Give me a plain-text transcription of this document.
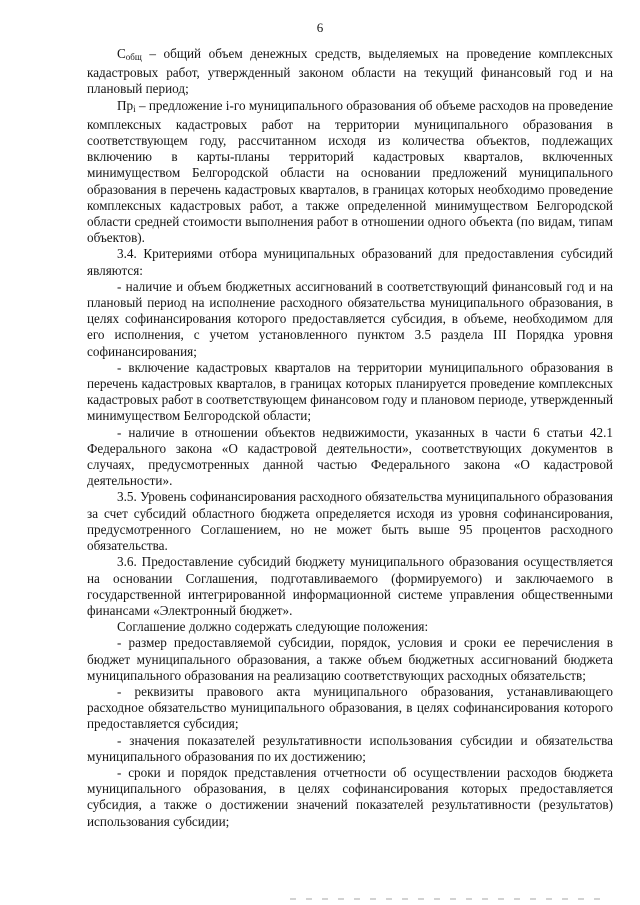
6

$C_{общ}$ – общий объем денежных средств, выделяемых на проведение комплексных кадастровых работ, утвержденный законом области на текущий финансовый год и на плановый период;

$Пр_i$ – предложение i-го муниципального образования об объеме расходов на проведение комплексных кадастровых работ на территории муниципального образования в соответствующем году, рассчитанном исходя из количества объектов, подлежащих включению в карты-планы территорий кадастровых кварталов, включенных минимуществом Белгородской области на основании предложений муниципального образования в перечень кадастровых кварталов, в границах которых необходимо проведение комплексных кадастровых работ, а также определенной минимуществом Белгородской области средней стоимости выполнения работ в отношении одного объекта (по видам, типам объектов).

3.4. Критериями отбора муниципальных образований для предоставления субсидий являются:

- наличие и объем бюджетных ассигнований в соответствующий финансовый год и на плановый период на исполнение расходного обязательства муниципального образования, в целях софинансирования которого предоставляется субсидия, в объеме, необходимом для его исполнения, с учетом установленного пунктом 3.5 раздела III Порядка уровня софинансирования;

- включение кадастровых кварталов на территории муниципального образования в перечень кадастровых кварталов, в границах которых планируется проведение комплексных кадастровых работ в соответствующем финансовом году и плановом периоде, утвержденный минимуществом Белгородской области;

- наличие в отношении объектов недвижимости, указанных в части 6 статьи 42.1 Федерального закона «О кадастровой деятельности», соответствующих документов в случаях, предусмотренных данной частью Федерального закона «О кадастровой деятельности».

3.5. Уровень софинансирования расходного обязательства муниципального образования за счет субсидий областного бюджета определяется исходя из уровня софинансирования, предусмотренного Соглашением, но не может быть выше 95 процентов расходного обязательства.

3.6. Предоставление субсидий бюджету муниципального образования осуществляется на основании Соглашения, подготавливаемого (формируемого) и заключаемого в государственной интегрированной информационной системе управления общественными финансами «Электронный бюджет».

Соглашение должно содержать следующие положения:

- размер предоставляемой субсидии, порядок, условия и сроки ее перечисления в бюджет муниципального образования, а также объем бюджетных ассигнований бюджета муниципального образования на реализацию соответствующих расходных обязательств;

- реквизиты правового акта муниципального образования, устанавливающего расходное обязательство муниципального образования, в целях софинансирования которого предоставляется субсидия;

- значения показателей результативности использования субсидии и обязательства муниципального образования по их достижению;

- сроки и порядок представления отчетности об осуществлении расходов бюджета муниципального образования, в целях софинансирования которых предоставляется субсидия, а также о достижении значений показателей результативности (результатов) использования субсидии;
